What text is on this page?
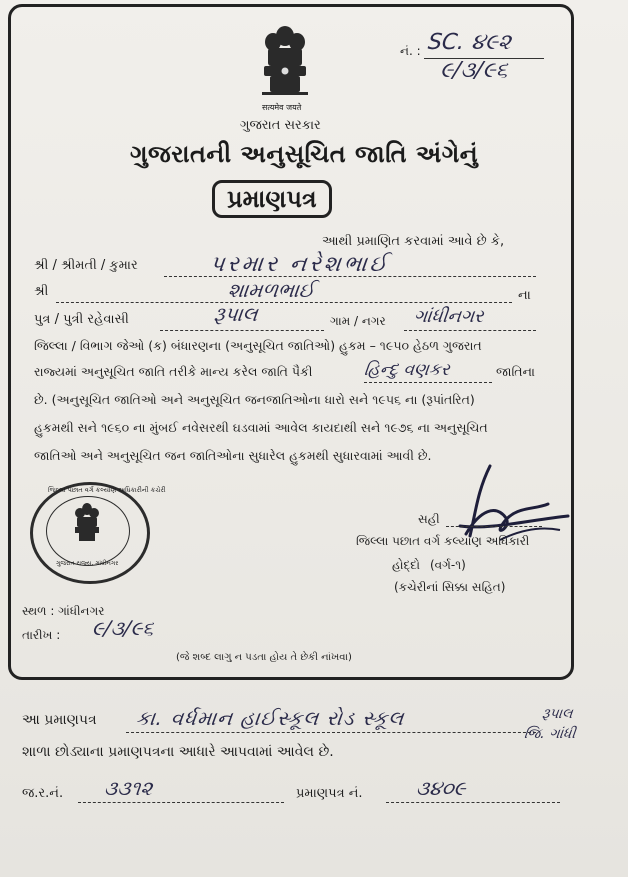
सत्यमेव जयते
ગુજરાત સરકાર
ગુજરાતની અનુસૂચિત જાતિ અંગેનું
પ્રમાણપત્ર
નં. : SC. ૪૯૨
૯/૩/૯૬
આથી પ્રમાણિત કરવામાં આવે છે કે,
શ્રી / શ્રીમતી / કુમાર	પરમાર નરેશભાઈ
શ્રી	શામળભાઈ	ના
પુત્ર / પુત્રી રહેવાસી	રૂપાલ	ગામ / નગર ગાંધીનગર
જિલ્લા / વિભાગ જેઓ (ક) બંધારણના (અનુસૂચિત જાતિઓ) હુકમ – ૧૯૫૦ હેઠળ ગુજરાત
રાજ્યમાં અનુસૂચિત જાતિ તરીકે માન્ય કરેલ જાતિ પૈકી	હિન્દુ વણકર	જાતિના
છે. (અનુસૂચિત જાતિઓ અને અનુસૂચિત જનજાતિઓના ધારો સને ૧૯૫૬ ના (રૂપાંતરિત)
હુકમથી સને ૧૯૬૦ ના મુંબઈ નવેસરથી ઘડવામાં આવેલ કાયદાથી સને ૧૯૭૬ ના અનુસૂચિત
જાતિઓ અને અનુસૂચિત જન જાતિઓના સુધારેલ હુકમથી સુધારવામાં આવી છે.
જિલ્લા પછાત વર્ગ કલ્યાણ અધિકારીની કચેરી
ગુજરાત રાજ્ય, ગાંધીનગર
સહી
જિલ્લા પછાત વર્ગ કલ્યાણ અધિકારી
હોદ્દો (વર્ગ-૧)
(કચેરીનાં સિક્કા સહિત)
સ્થળ : ગાંધીનગર
તારીખ : ૯/૩/૯૬
(જે શબ્દ લાગુ ન પડતા હોય તે છેકી નાંખવા)
આ પ્રમાણપત્ર કા. વર્ધમાન હાઈસ્કૂલ રોડ સ્કૂલ	રૂપાલ
જિ. ગાંધી
શાળા છોડ્યાના પ્રમાણપત્રના આધારે આપવામાં આવેલ છે.
જ.ર.નં. ૩૩૧૨	પ્રમાણપત્ર નં.	૩૪૦૯
